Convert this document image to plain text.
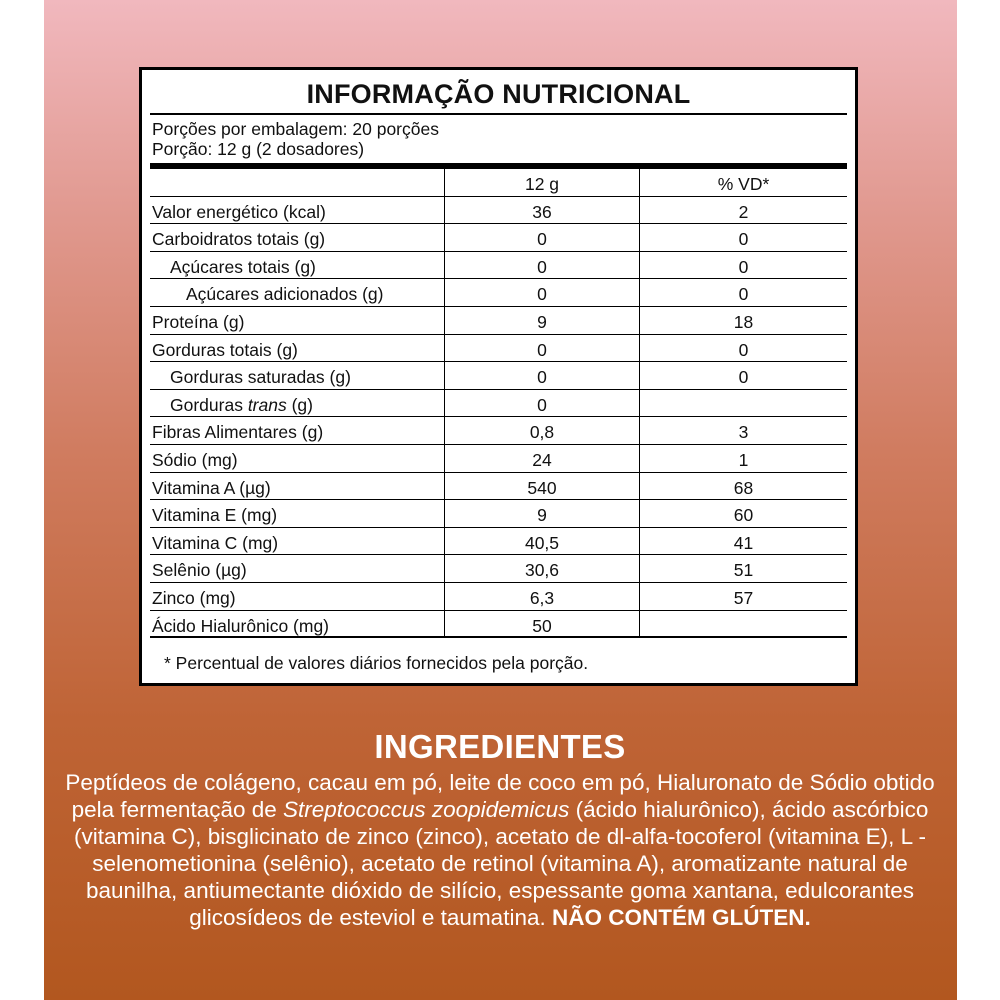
INFORMAÇÃO NUTRICIONAL
Porções por embalagem: 20 porções
Porção: 12 g (2 dosadores)
12 g	% VD*
Valor energético (kcal)	36	2
Carboidratos totais (g)	0	0
Açúcares totais (g)	0	0
Açúcares adicionados (g)	0	0
Proteína (g)	9	18
Gorduras totais (g)	0	0
Gorduras saturadas (g)	0	0
Gorduras trans (g)	0
Fibras Alimentares (g)	0,8	3
Sódio (mg)	24	1
Vitamina A (µg)	540	68
Vitamina E (mg)	9	60
Vitamina C (mg)	40,5	41
Selênio (µg)	30,6	51
Zinco (mg)	6,3	57
Ácido Hialurônico (mg)	50
* Percentual de valores diários fornecidos pela porção.
INGREDIENTES
Peptídeos de colágeno, cacau em pó, leite de coco em pó, Hialuronato de Sódio obtido pela fermentação de Streptococcus zoopidemicus (ácido hialurônico), ácido ascórbico (vitamina C), bisglicinato de zinco (zinco), acetato de dl-alfa-tocoferol (vitamina E), L - selenometionina (selênio), acetato de retinol (vitamina A), aromatizante natural de baunilha, antiumectante dióxido de silício, espessante goma xantana, edulcorantes glicosídeos de esteviol e taumatina. NÃO CONTÉM GLÚTEN.
